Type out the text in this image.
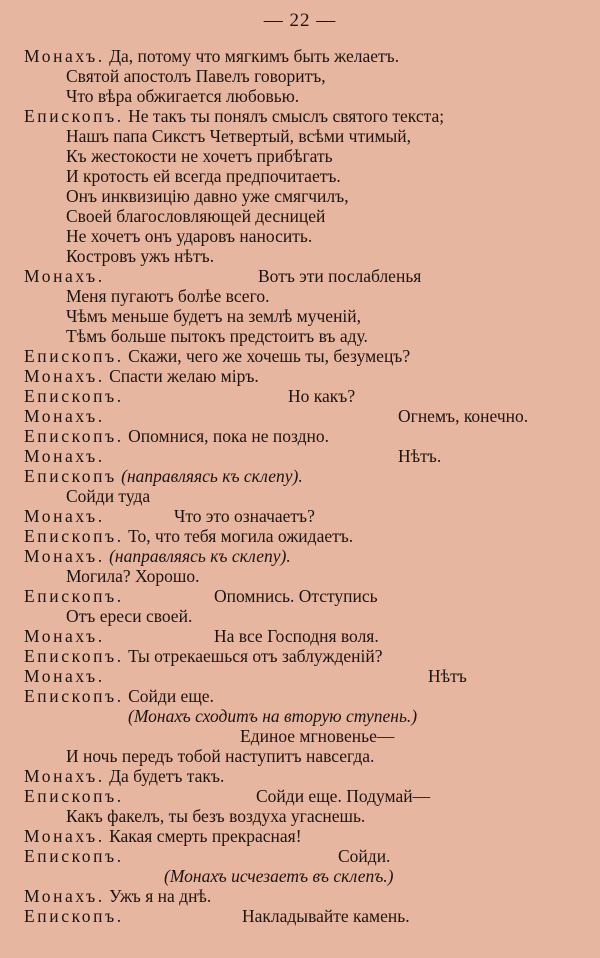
— 22 —
Монахъ. Да, потому что мягкимъ быть желаетъ.
Святой апостолъ Павелъ говоритъ,
Что вѣра обжигается любовью.
Епископъ. Не такъ ты понялъ смыслъ святого текста;
Нашъ папа Сикстъ Четвертый, всѣми чтимый,
Къ жестокости не хочетъ прибѣгать
И кротость ей всегда предпочитаетъ.
Онъ инквизицію давно уже смягчилъ,
Своей благословляющей десницей
Не хочетъ онъ ударовъ наносить.
Костровъ ужъ нѣтъ.
Монахъ.	Вотъ эти послабленья
Меня пугаютъ болѣе всего.
Чѣмъ меньше будетъ на землѣ мученій,
Тѣмъ больше пытокъ предстоитъ въ аду.
Епископъ. Скажи, чего же хочешь ты, безумецъ?
Монахъ. Спасти желаю міръ.
Епископъ.	Но какъ?
Монахъ.	Огнемъ, конечно.
Епископъ. Опомнися, пока не поздно.
Монахъ.	Нѣтъ.
Епископъ (направляясь къ склепу).
Сойди туда
Монахъ.	Что это означаетъ?
Епископъ. То, что тебя могила ожидаетъ.
Монахъ. (направляясь къ склепу).
Могила? Хорошо.
Епископъ.	Опомнись. Отступись
Отъ ереси своей.
Монахъ.	На все Господня воля.
Епископъ. Ты отрекаешься отъ заблужденій?
Монахъ.	Нѣтъ
Епископъ. Сойди еще.
(Монахъ сходитъ на вторую ступень.)
Единое мгновенье—
И ночь передъ тобой наступитъ навсегда.
Монахъ. Да будетъ такъ.
Епископъ.	Сойди еще. Подумай—
Какъ факелъ, ты безъ воздуха угаснешь.
Монахъ. Какая смерть прекрасная!
Епископъ.	Сойди.
(Монахъ исчезаетъ въ склепъ.)
Монахъ. Ужъ я на днѣ.
Епископъ.	Накладывайте камень.
